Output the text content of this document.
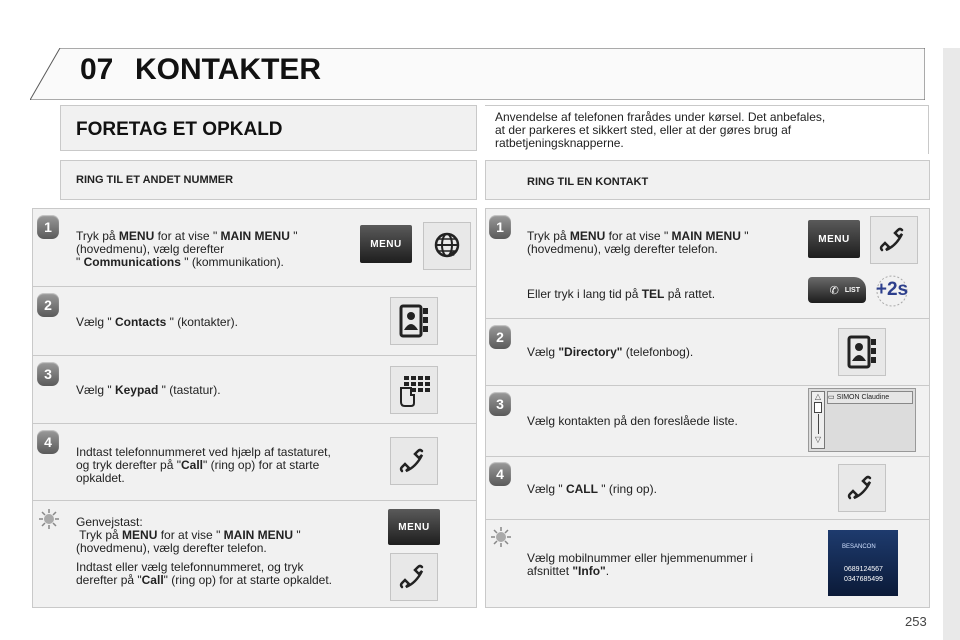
07 KONTAKTER
FORETAG ET OPKALD
RING TIL ET ANDET NUMMER
1
Tryk på MENU for at vise " MAIN MENU "
(hovedmenu), vælg derefter
" Communications " (kommunikation).
MENU
2
Vælg " Contacts " (kontakter).
3
Vælg " Keypad " (tastatur).
4
Indtast telefonnummeret ved hjælp af tastaturet,
og tryk derefter på "Call" (ring op) for at starte
opkaldet.
Genvejstast:
Tryk på MENU for at vise " MAIN MENU "
(hovedmenu), vælg derefter telefon.

Indtast eller vælg telefonnummeret, og tryk
derefter på "Call" (ring op) for at starte opkaldet.
MENU
Anvendelse af telefonen frarådes under kørsel. Det anbefales,
at der parkeres et sikkert sted, eller at der gøres brug af
ratbetjeningsknapperne.
RING TIL EN KONTAKT
1
Tryk på MENU for at vise " MAIN MENU "
(hovedmenu), vælg derefter telefon.
MENU
Eller tryk i lang tid på TEL på rattet.	✆ LIST +2s
2
Vælg "Directory" (telefonbog).
3
Vælg kontakten på den foreslåede liste.
△
▽
▭ SIMON Claudine
4
Vælg " CALL " (ring op).
Vælg mobilnummer eller hjemmenummer i
afsnittet "Info".
BESANCON
0689124567
0347685499
253
